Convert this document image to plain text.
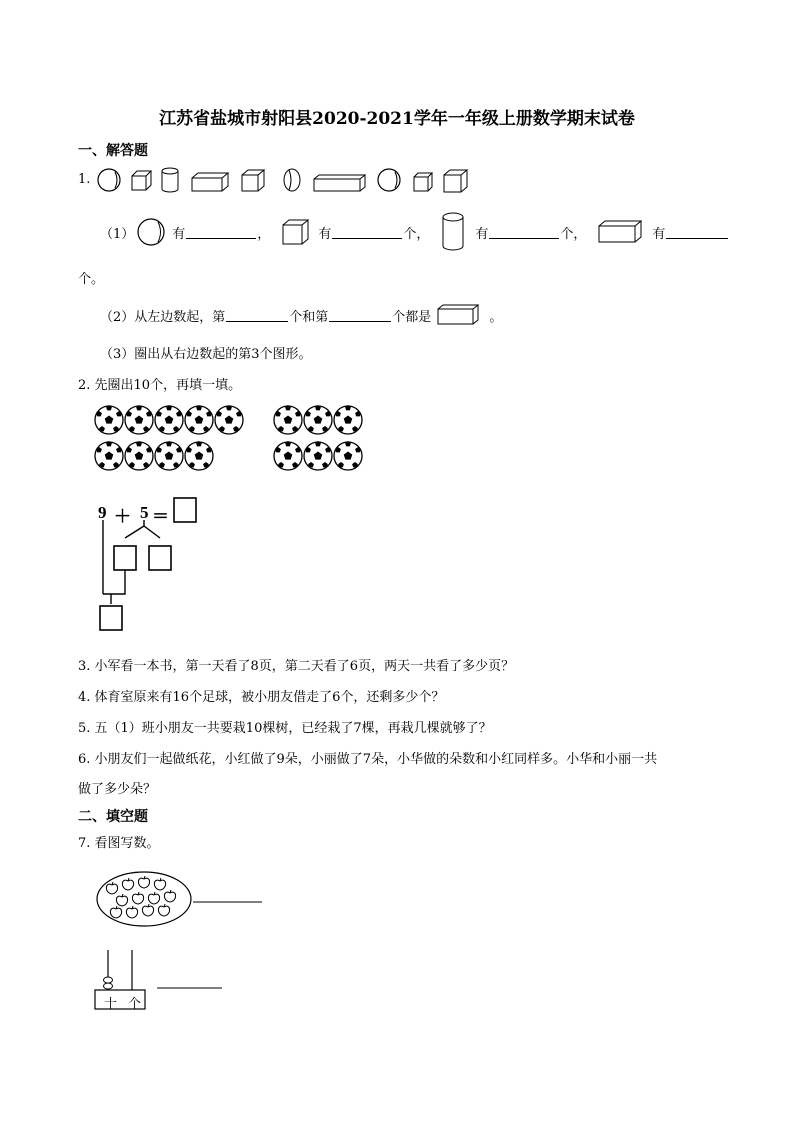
江苏省盐城市射阳县2020-2021学年一年级上册数学期末试卷
一、解答题
1.
（1）	有	，	有	个，	有	个，	有
个。
（2）从左边数起，第	个和第	个都是	。
（3）圈出从右边数起的第3个图形。
2. 先圈出10个，再填一填。
9 ＋ 5 ＝
3. 小军看一本书，第一天看了8页，第二天看了6页，两天一共看了多少页？
4. 体育室原来有16个足球，被小朋友借走了6个，还剩多少个？
5. 五（1）班小朋友一共要栽10棵树，已经栽了7棵，再栽几棵就够了？
6. 小朋友们一起做纸花，小红做了9朵，小丽做了7朵，小华做的朵数和小红同样多。小华和小丽一共
做了多少朵？
二、填空题
7. 看图写数。
十 个
